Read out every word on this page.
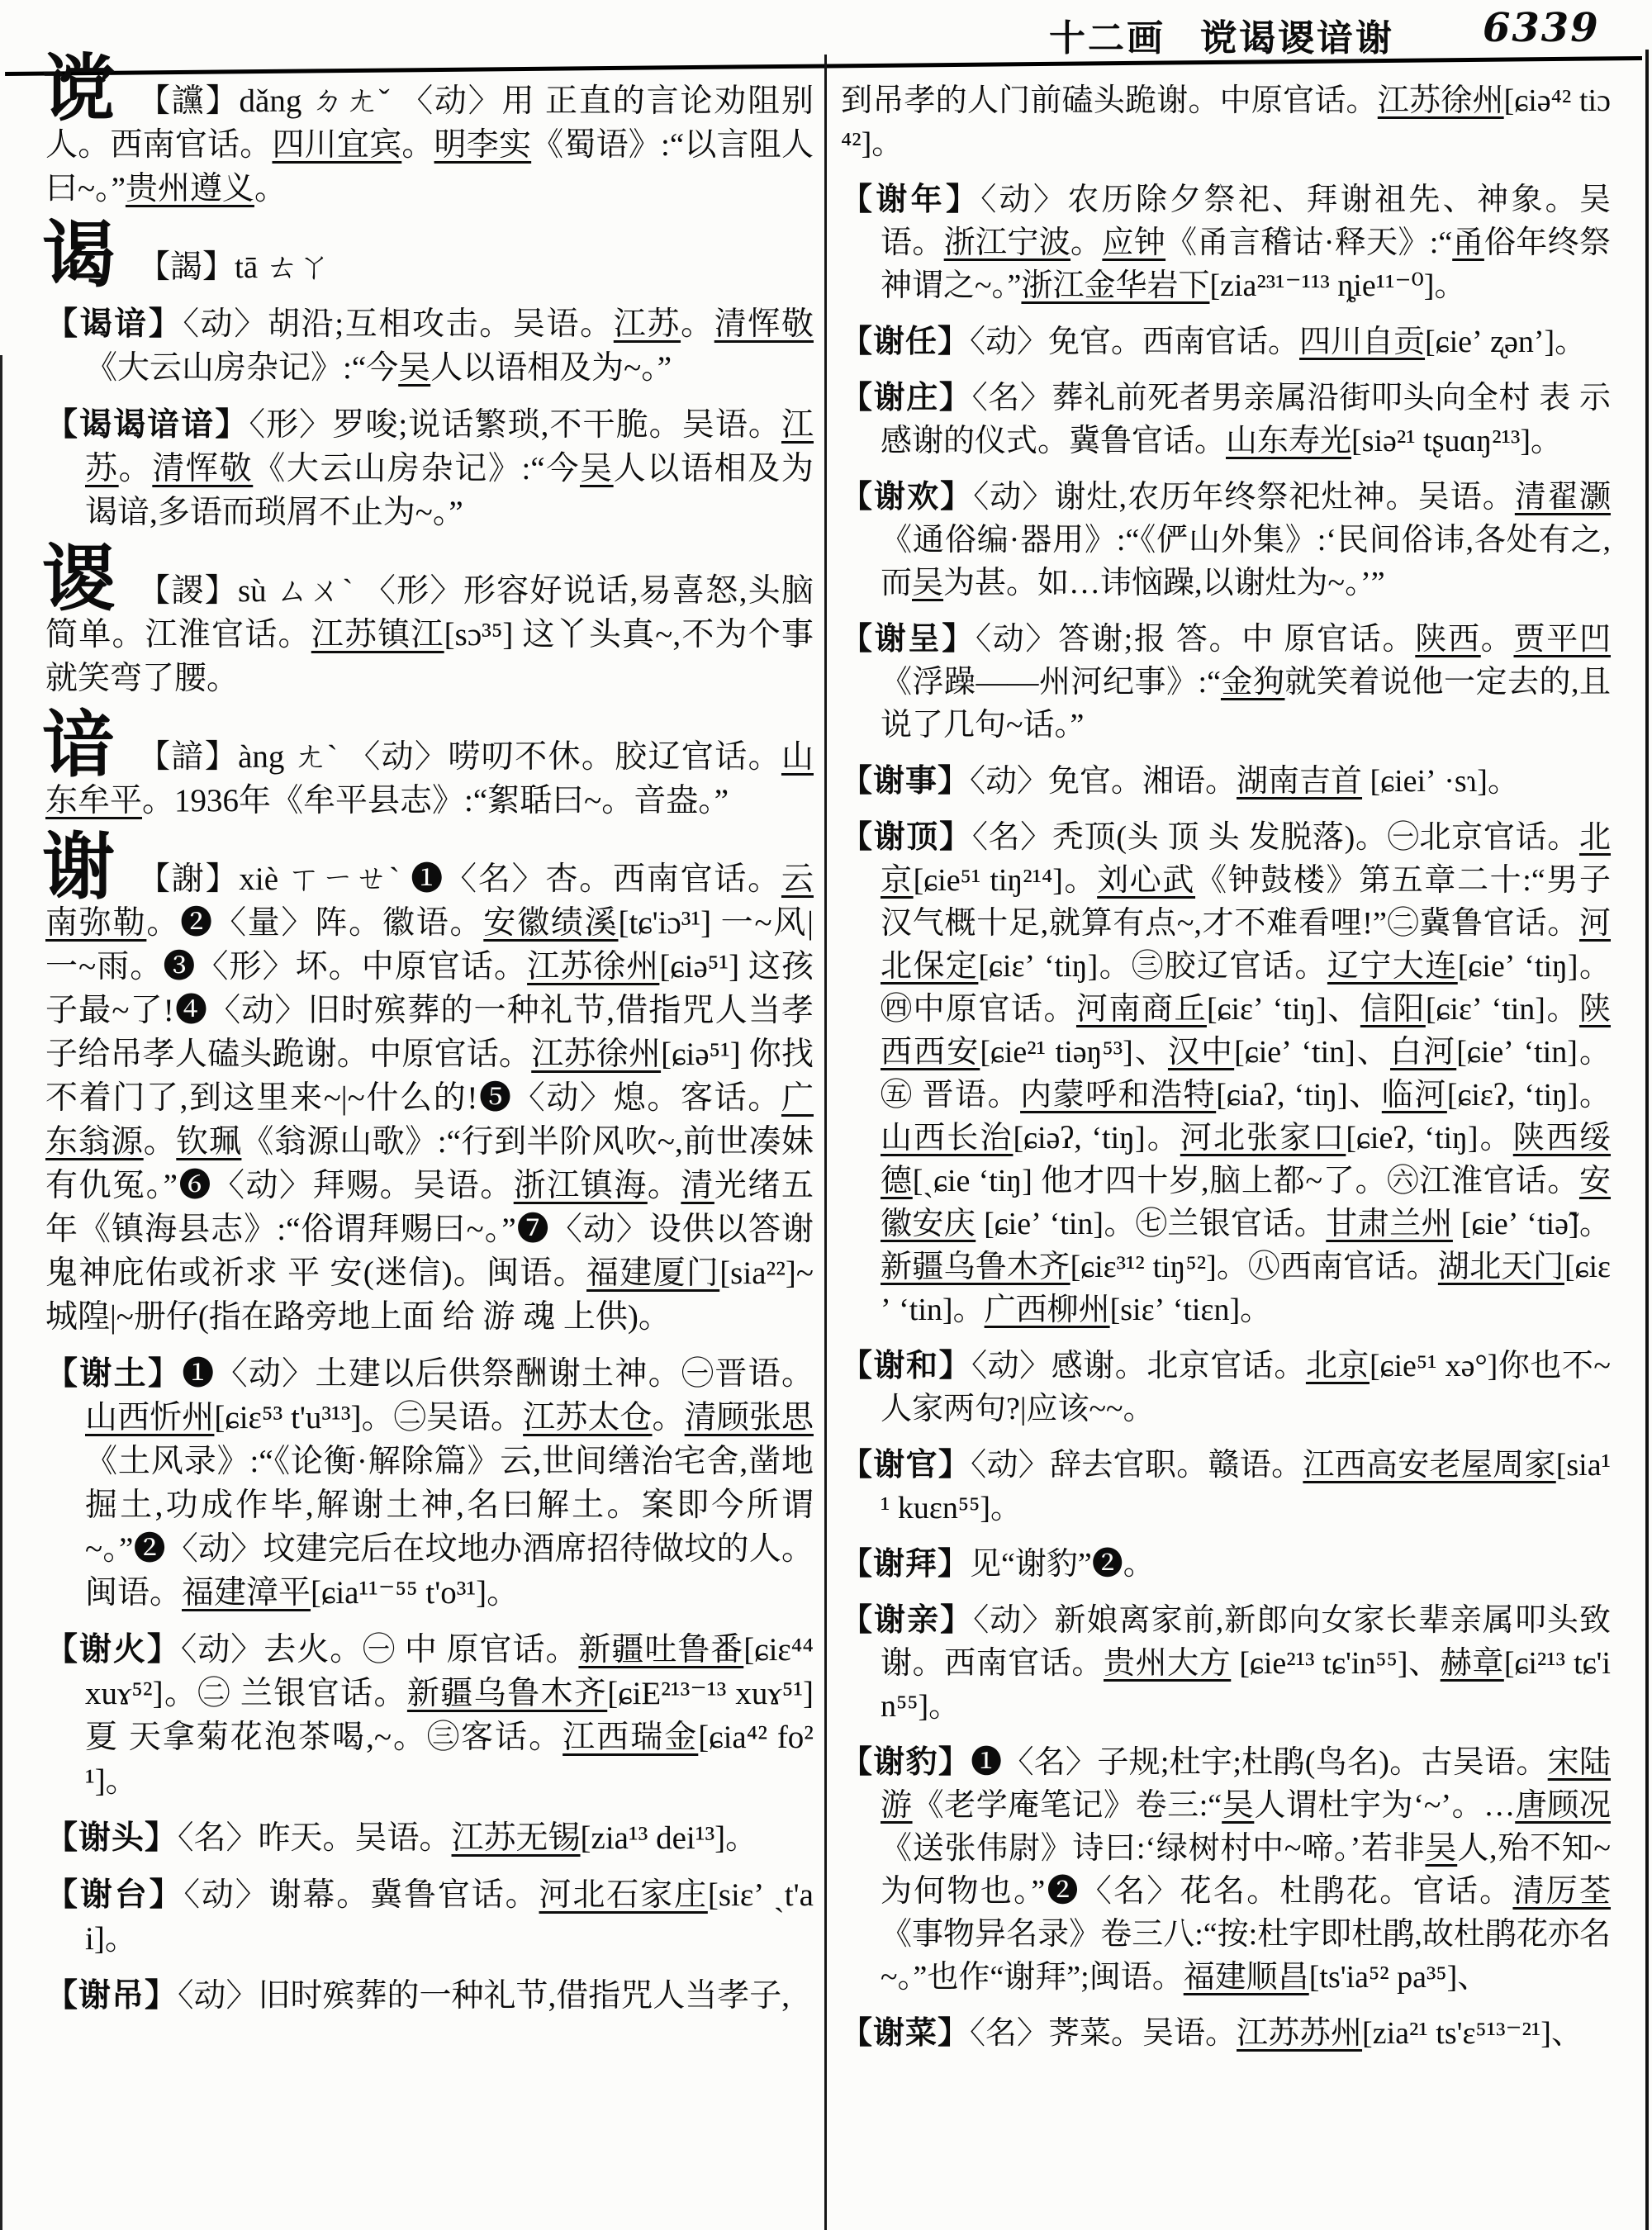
十二画 谠谒谡谙谢 6339
谠 【讜】dǎng ㄉㄤˇ 〈动〉用 正直的言论劝阻别人。西南官话。四川宜宾。明李实《蜀语》:“以言阻人曰~。”贵州遵义。

谒 【謁】tā ㄊㄚ

【谒谙】〈动〉胡沿;互相攻击。吴语。江苏。清恽敬《大云山房杂记》:“今吴人以语相及为~。”

【谒谒谙谙】〈形〉罗唆;说话繁琐,不干脆。吴语。江苏。清恽敬《大云山房杂记》:“今吴人以语相及为谒谙,多语而琐屑不止为~。”

谡 【謖】sù ㄙㄨˋ 〈形〉形容好说话,易喜怒,头脑简单。江淮官话。江苏镇江[sɔ³⁵] 这丫头真~,不为个事就笑弯了腰。

谙 【諳】àng ㄤˋ 〈动〉唠叨不休。胶辽官话。山东牟平。1936年《牟平县志》:“絮聒曰~。音盎。”

谢 【謝】xiè ㄒㄧㄝˋ ❶〈名〉杏。西南官话。云南弥勒。❷〈量〉阵。徽语。安徽绩溪[tɕ'iɔ³¹] 一~风|一~雨。❸〈形〉坏。中原官话。江苏徐州[ɕiə⁵¹] 这孩子最~了!❹〈动〉旧时殡葬的一种礼节,借指咒人当孝子给吊孝人磕头跪谢。中原官话。江苏徐州[ɕiə⁵¹] 你找不着门了,到这里来~|~什么的!❺〈动〉熄。客话。广东翁源。钦珮《翁源山歌》:“行到半阶风吹~,前世凑妹有仇冤。”❻〈动〉拜赐。吴语。浙江镇海。清光绪五年《镇海县志》:“俗谓拜赐曰~。”❼〈动〉设供以答谢鬼神庇佑或祈求 平 安(迷信)。闽语。福建厦门[sia²²]~城隍|~册仔(指在路旁地上面 给 游 魂 上供)。

【谢土】❶〈动〉土建以后供祭酬谢土神。㊀晋语。山西忻州[ɕiɛ⁵³ t'u³¹³]。㊁吴语。江苏太仓。清顾张思《土风录》:“《论衡·解除篇》云,世间缮治宅舍,凿地掘土,功成作毕,解谢土神,名曰解土。案即今所谓~。”❷〈动〉坟建完后在坟地办酒席招待做坟的人。闽语。福建漳平[ɕia¹¹⁻⁵⁵ t'o³¹]。

【谢火】〈动〉去火。㊀ 中 原官话。新疆吐鲁番[ɕiɛ⁴⁴ xuɤ⁵²]。㊁ 兰银官话。新疆乌鲁木齐[ɕiE²¹³⁻¹³ xuɤ⁵¹] 夏 天拿菊花泡茶喝,~。㊂客话。江西瑞金[ɕia⁴² fo²¹]。

【谢头】〈名〉昨天。吴语。江苏无锡[zia¹³ dei¹³]。

【谢台】〈动〉谢幕。冀鲁官话。河北石家庄[siɛʼ ˏt'ai]。

【谢吊】〈动〉旧时殡葬的一种礼节,借指咒人当孝子,

到吊孝的人门前磕头跪谢。中原官话。江苏徐州[ɕiə⁴² tiɔ⁴²]。

【谢年】〈动〉农历除夕祭祀、拜谢祖先、神象。吴语。浙江宁波。应钟《甬言稽诂·释天》:“甬俗年终祭神谓之~。”浙江金华岩下[zia²³¹⁻¹¹³ ȵie¹¹⁻⁰]。

【谢任】〈动〉免官。西南官话。四川自贡[ɕieʼ ʐənʼ]。

【谢庄】〈名〉葬礼前死者男亲属沿街叩头向全村 表 示感谢的仪式。冀鲁官话。山东寿光[siə²¹ tʂuɑŋ²¹³]。

【谢欢】〈动〉谢灶,农历年终祭祀灶神。吴语。清翟灏《通俗编·器用》:“《俨山外集》:‘民间俗讳,各处有之,而吴为甚。如…讳恼躁,以谢灶为~。’”

【谢呈】〈动〉答谢;报 答。中 原官话。陕西。贾平凹《浮躁——州河纪事》:“金狗就笑着说他一定去的,且说了几句~话。”

【谢事】〈动〉免官。湘语。湖南吉首 [ɕieiʼ ·sɿ]。

【谢顶】〈名〉秃顶(头 顶 头 发脱落)。㊀北京官话。北京[ɕie⁵¹ tiŋ²¹⁴]。刘心武《钟鼓楼》第五章二十:“男子汉气概十足,就算有点~,才不难看哩!”㊁冀鲁官话。河北保定[ɕiɛʼ ʻtiŋ]。㊂胶辽官话。辽宁大连[ɕieʼ ʻtiŋ]。㊃中原官话。河南商丘[ɕiɛʼ ʻtiŋ]、信阳[ɕiɛʼ ʻtin]。陕西西安[ɕie²¹ tiəŋ⁵³]、汉中[ɕieʼ ʻtin]、白河[ɕieʼ ʻtin]。㊄ 晋语。内蒙呼和浩特[ɕiaʔ, ʻtiŋ]、临河[ɕiɛʔ, ʻtiŋ]。山西长治[ɕiəʔ, ʻtiŋ]。河北张家口[ɕieʔ, ʻtiŋ]。陕西绥德[ˏɕie ʻtiŋ] 他才四十岁,脑上都~了。㊅江淮官话。安徽安庆 [ɕieʼ ʻtin]。㊆兰银官话。甘肃兰州 [ɕieʼ ʻtiə̃]。新疆乌鲁木齐[ɕiɛ³¹² tiŋ⁵²]。㊇西南官话。湖北天门[ɕiɛʼ ʻtin]。广西柳州[siɛʼ ʻtiɛn]。

【谢和】〈动〉感谢。北京官话。北京[ɕie⁵¹ xə°]你也不~人家两句?|应该~~。

【谢官】〈动〉辞去官职。赣语。江西高安老屋周家[sia¹¹ kuɛn⁵⁵]。

【谢拜】见“谢豹”❷。

【谢亲】〈动〉新娘离家前,新郎向女家长辈亲属叩头致谢。西南官话。贵州大方 [ɕie²¹³ tɕ'in⁵⁵]、赫章[ɕi²¹³ tɕ'in⁵⁵]。

【谢豹】❶〈名〉子规;杜宇;杜鹃(鸟名)。古吴语。宋陆游《老学庵笔记》卷三:“吴人谓杜宇为‘~’。…唐顾况《送张伟尉》诗曰:‘绿树村中~啼。’若非吴人,殆不知~为何物也。”❷〈名〉花名。杜鹃花。官话。清厉荃《事物异名录》卷三八:“按:杜宇即杜鹃,故杜鹃花亦名~。”也作“谢拜”;闽语。福建顺昌[ts'ia⁵² pa³⁵]、

【谢菜】〈名〉荠菜。吴语。江苏苏州[zia²¹ ts'ɛ⁵¹³⁻²¹]、
